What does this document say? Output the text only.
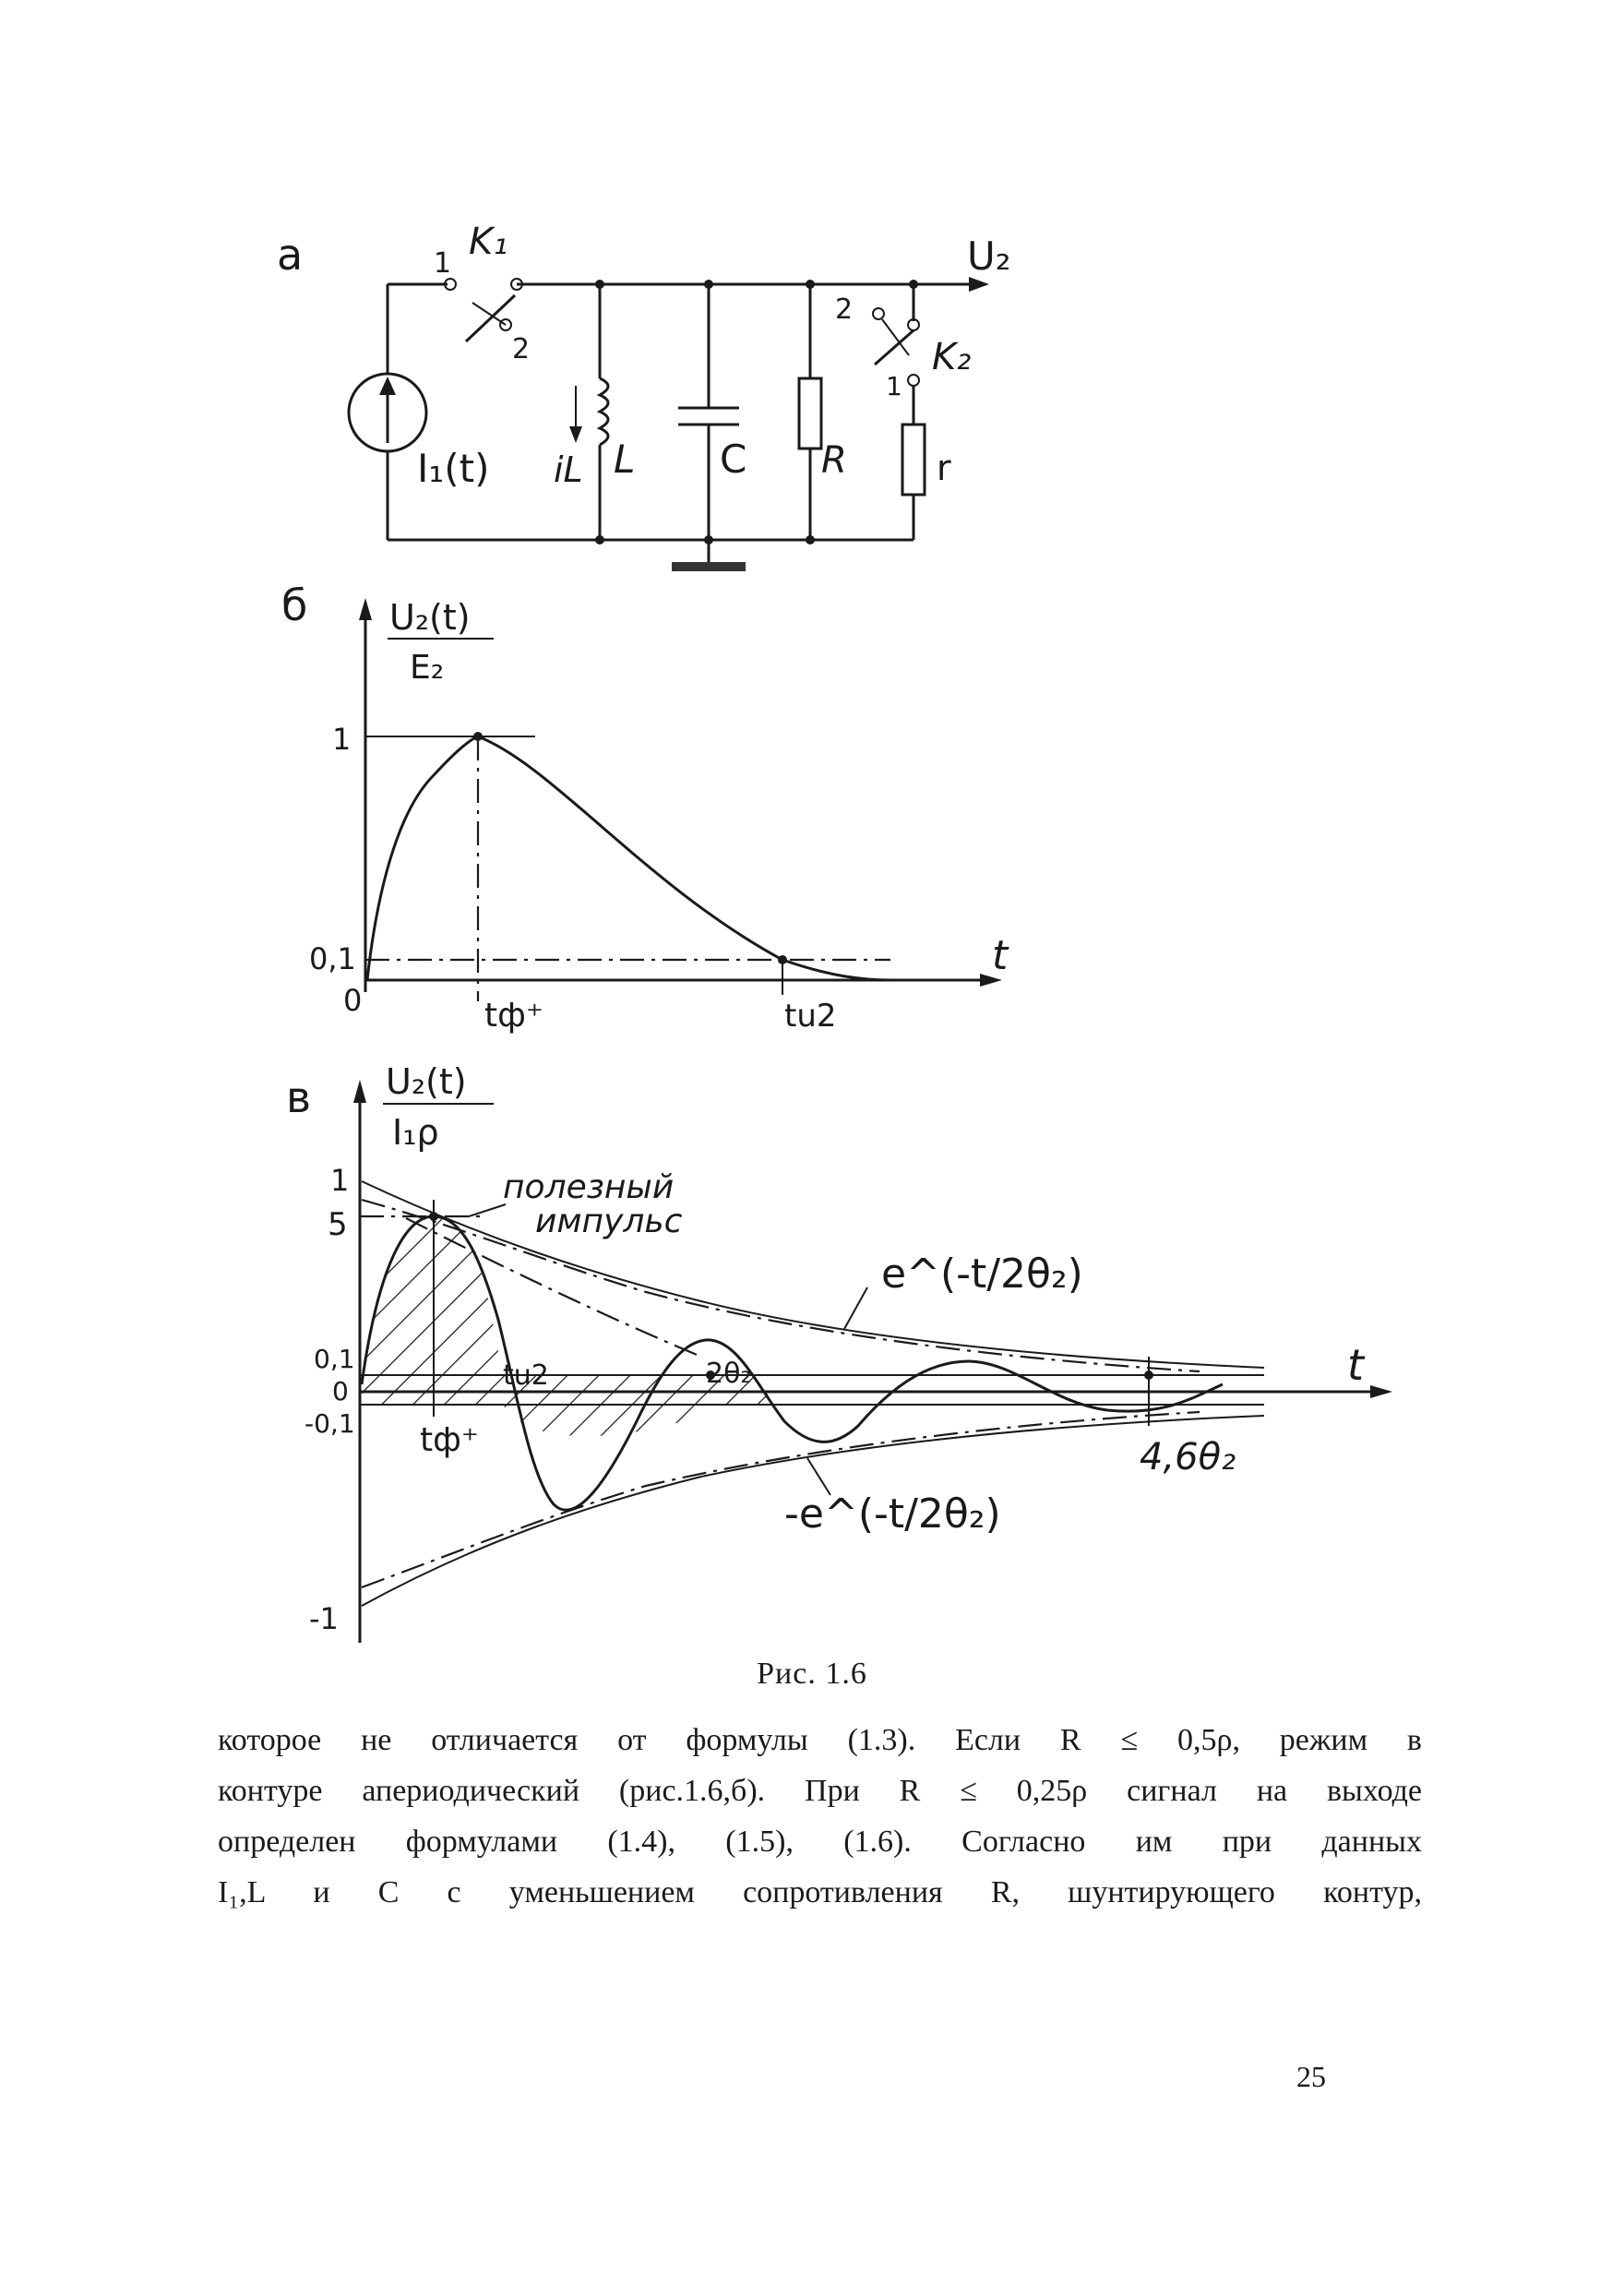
а
I₁(t)
1
K₁
2
iL L C R
2
1
K₂
r
U₂
б U₂(t)
E₂
t
1
0,1
0	tф⁺	tu2
в U₂(t)
I₁ρ
t
1
5
0,1
0
-0,1
-1
полезный
импульс
e^(-t/2θ₂)
-e^(-t/2θ₂)
tu2	2θ₂
tф⁺	4,6θ₂
Рис. 1.6
которое не отличается от формулы (1.3). Если R ≤ 0,5ρ, режим в
контуре апериодический (рис.1.6,б). При R ≤ 0,25ρ сигнал на выходе
определен формулами (1.4), (1.5), (1.6). Согласно им при данных
I₁,L и C с уменьшением сопротивления R, шунтирующего контур,
25
